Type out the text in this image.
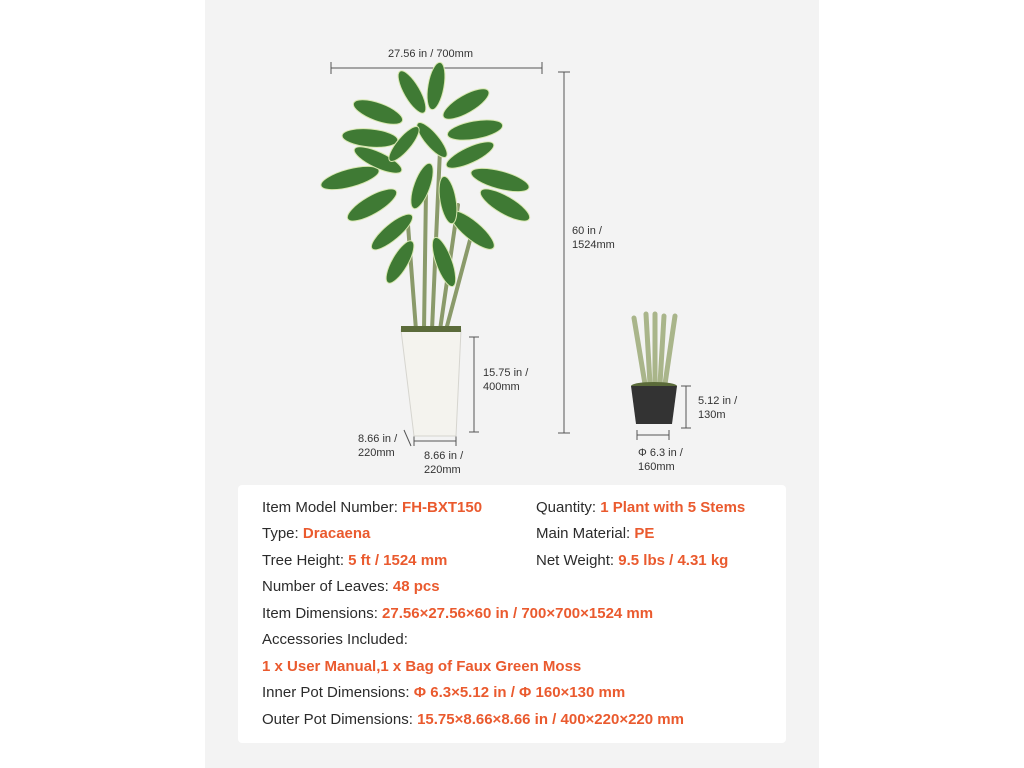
27.56 in / 700mm
60 in /
1524mm
15.75 in /
400mm
8.66 in /
220mm	8.66 in /
220mm
5.12 in /
130m
Φ 6.3 in /
160mm
Item Model Number: FH-BXT150
Type: Dracaena
Tree Height: 5 ft / 1524 mm
Number of Leaves: 48 pcs
Item Dimensions: 27.56×27.56×60 in / 700×700×1524 mm
Accessories Included:
1 x User Manual,1 x Bag of Faux Green Moss
Inner Pot Dimensions: Φ 6.3×5.12 in / Φ 160×130 mm
Outer Pot Dimensions: 15.75×8.66×8.66 in / 400×220×220 mm
Quantity: 1 Plant with 5 Stems
Main Material: PE
Net Weight: 9.5 lbs / 4.31 kg
